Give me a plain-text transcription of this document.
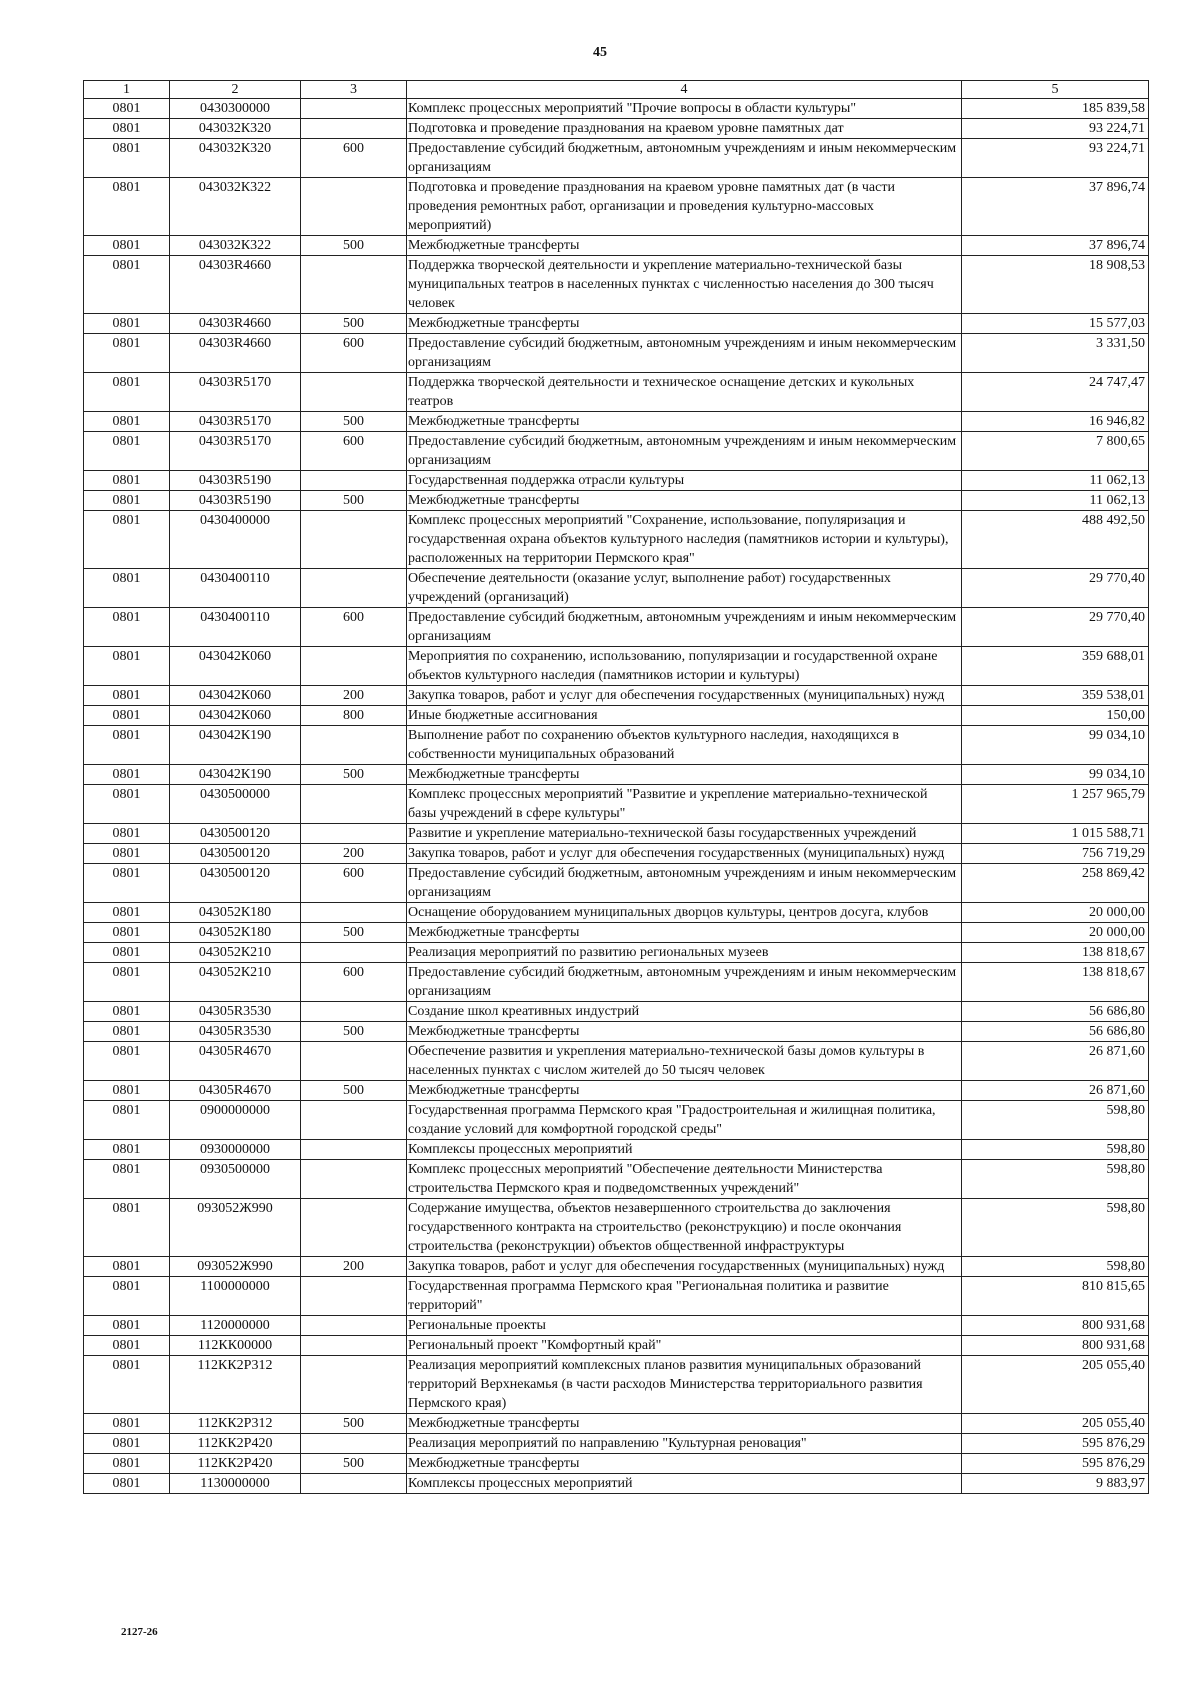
45
1	2	3	4	5
0801	0430300000		Комплекс процессных мероприятий "Прочие вопросы в области культуры"	185 839,58
0801	043032К320		Подготовка и проведение празднования на краевом уровне памятных дат	93 224,71
0801	043032К320	600	Предоставление субсидий бюджетным, автономным учреждениям и иным некоммерческим организациям	93 224,71
0801	043032К322		Подготовка и проведение празднования на краевом уровне памятных дат (в части проведения ремонтных работ, организации и проведения культурно-массовых мероприятий)	37 896,74
0801	043032К322	500	Межбюджетные трансферты	37 896,74
0801	04303R4660		Поддержка творческой деятельности и укрепление материально-технической базы муниципальных театров в населенных пунктах с численностью населения до 300 тысяч человек	18 908,53
0801	04303R4660	500	Межбюджетные трансферты	15 577,03
0801	04303R4660	600	Предоставление субсидий бюджетным, автономным учреждениям и иным некоммерческим организациям	3 331,50
0801	04303R5170		Поддержка творческой деятельности и техническое оснащение детских и кукольных театров	24 747,47
0801	04303R5170	500	Межбюджетные трансферты	16 946,82
0801	04303R5170	600	Предоставление субсидий бюджетным, автономным учреждениям и иным некоммерческим организациям	7 800,65
0801	04303R5190		Государственная поддержка отрасли культуры	11 062,13
0801	04303R5190	500	Межбюджетные трансферты	11 062,13
0801	0430400000		Комплекс процессных мероприятий "Сохранение, использование, популяризация и государственная охрана объектов культурного наследия (памятников истории и культуры), расположенных на территории Пермского края"	488 492,50
0801	0430400110		Обеспечение деятельности (оказание услуг, выполнение работ) государственных учреждений (организаций)	29 770,40
0801	0430400110	600	Предоставление субсидий бюджетным, автономным учреждениям и иным некоммерческим организациям	29 770,40
0801	043042К060		Мероприятия по сохранению, использованию, популяризации и государственной охране объектов культурного наследия (памятников истории и культуры)	359 688,01
0801	043042К060	200	Закупка товаров, работ и услуг для обеспечения государственных (муниципальных) нужд	359 538,01
0801	043042К060	800	Иные бюджетные ассигнования	150,00
0801	043042К190		Выполнение работ по сохранению объектов культурного наследия, находящихся в собственности муниципальных образований	99 034,10
0801	043042К190	500	Межбюджетные трансферты	99 034,10
0801	0430500000		Комплекс процессных мероприятий "Развитие и укрепление материально-технической базы учреждений в сфере культуры"	1 257 965,79
0801	0430500120		Развитие и укрепление материально-технической базы государственных учреждений	1 015 588,71
0801	0430500120	200	Закупка товаров, работ и услуг для обеспечения государственных (муниципальных) нужд	756 719,29
0801	0430500120	600	Предоставление субсидий бюджетным, автономным учреждениям и иным некоммерческим организациям	258 869,42
0801	043052К180		Оснащение оборудованием муниципальных дворцов культуры, центров досуга, клубов	20 000,00
0801	043052К180	500	Межбюджетные трансферты	20 000,00
0801	043052К210		Реализация мероприятий по развитию региональных музеев	138 818,67
0801	043052К210	600	Предоставление субсидий бюджетным, автономным учреждениям и иным некоммерческим организациям	138 818,67
0801	04305R3530		Создание школ креативных индустрий	56 686,80
0801	04305R3530	500	Межбюджетные трансферты	56 686,80
0801	04305R4670		Обеспечение развития и укрепления материально-технической базы домов культуры в населенных пунктах с числом жителей до 50 тысяч человек	26 871,60
0801	04305R4670	500	Межбюджетные трансферты	26 871,60
0801	0900000000		Государственная программа Пермского края "Градостроительная и жилищная политика, создание условий для комфортной городской среды"	598,80
0801	0930000000		Комплексы процессных мероприятий	598,80
0801	0930500000		Комплекс процессных мероприятий "Обеспечение деятельности Министерства строительства Пермского края и подведомственных учреждений"	598,80
0801	093052Ж990		Содержание имущества, объектов незавершенного строительства до заключения государственного контракта на строительство (реконструкцию) и после окончания строительства (реконструкции) объектов общественной инфраструктуры	598,80
0801	093052Ж990	200	Закупка товаров, работ и услуг для обеспечения государственных (муниципальных) нужд	598,80
0801	1100000000		Государственная программа Пермского края "Региональная политика и развитие территорий"	810 815,65
0801	1120000000		Региональные проекты	800 931,68
0801	112КК00000		Региональный проект "Комфортный край"	800 931,68
0801	112КК2Р312		Реализация мероприятий комплексных планов развития муниципальных образований территорий Верхнекамья (в части расходов Министерства территориального развития Пермского края)	205 055,40
0801	112КК2Р312	500	Межбюджетные трансферты	205 055,40
0801	112КК2Р420		Реализация мероприятий по направлению "Культурная реновация"	595 876,29
0801	112КК2Р420	500	Межбюджетные трансферты	595 876,29
0801	1130000000		Комплексы процессных мероприятий	9 883,97
2127-26
